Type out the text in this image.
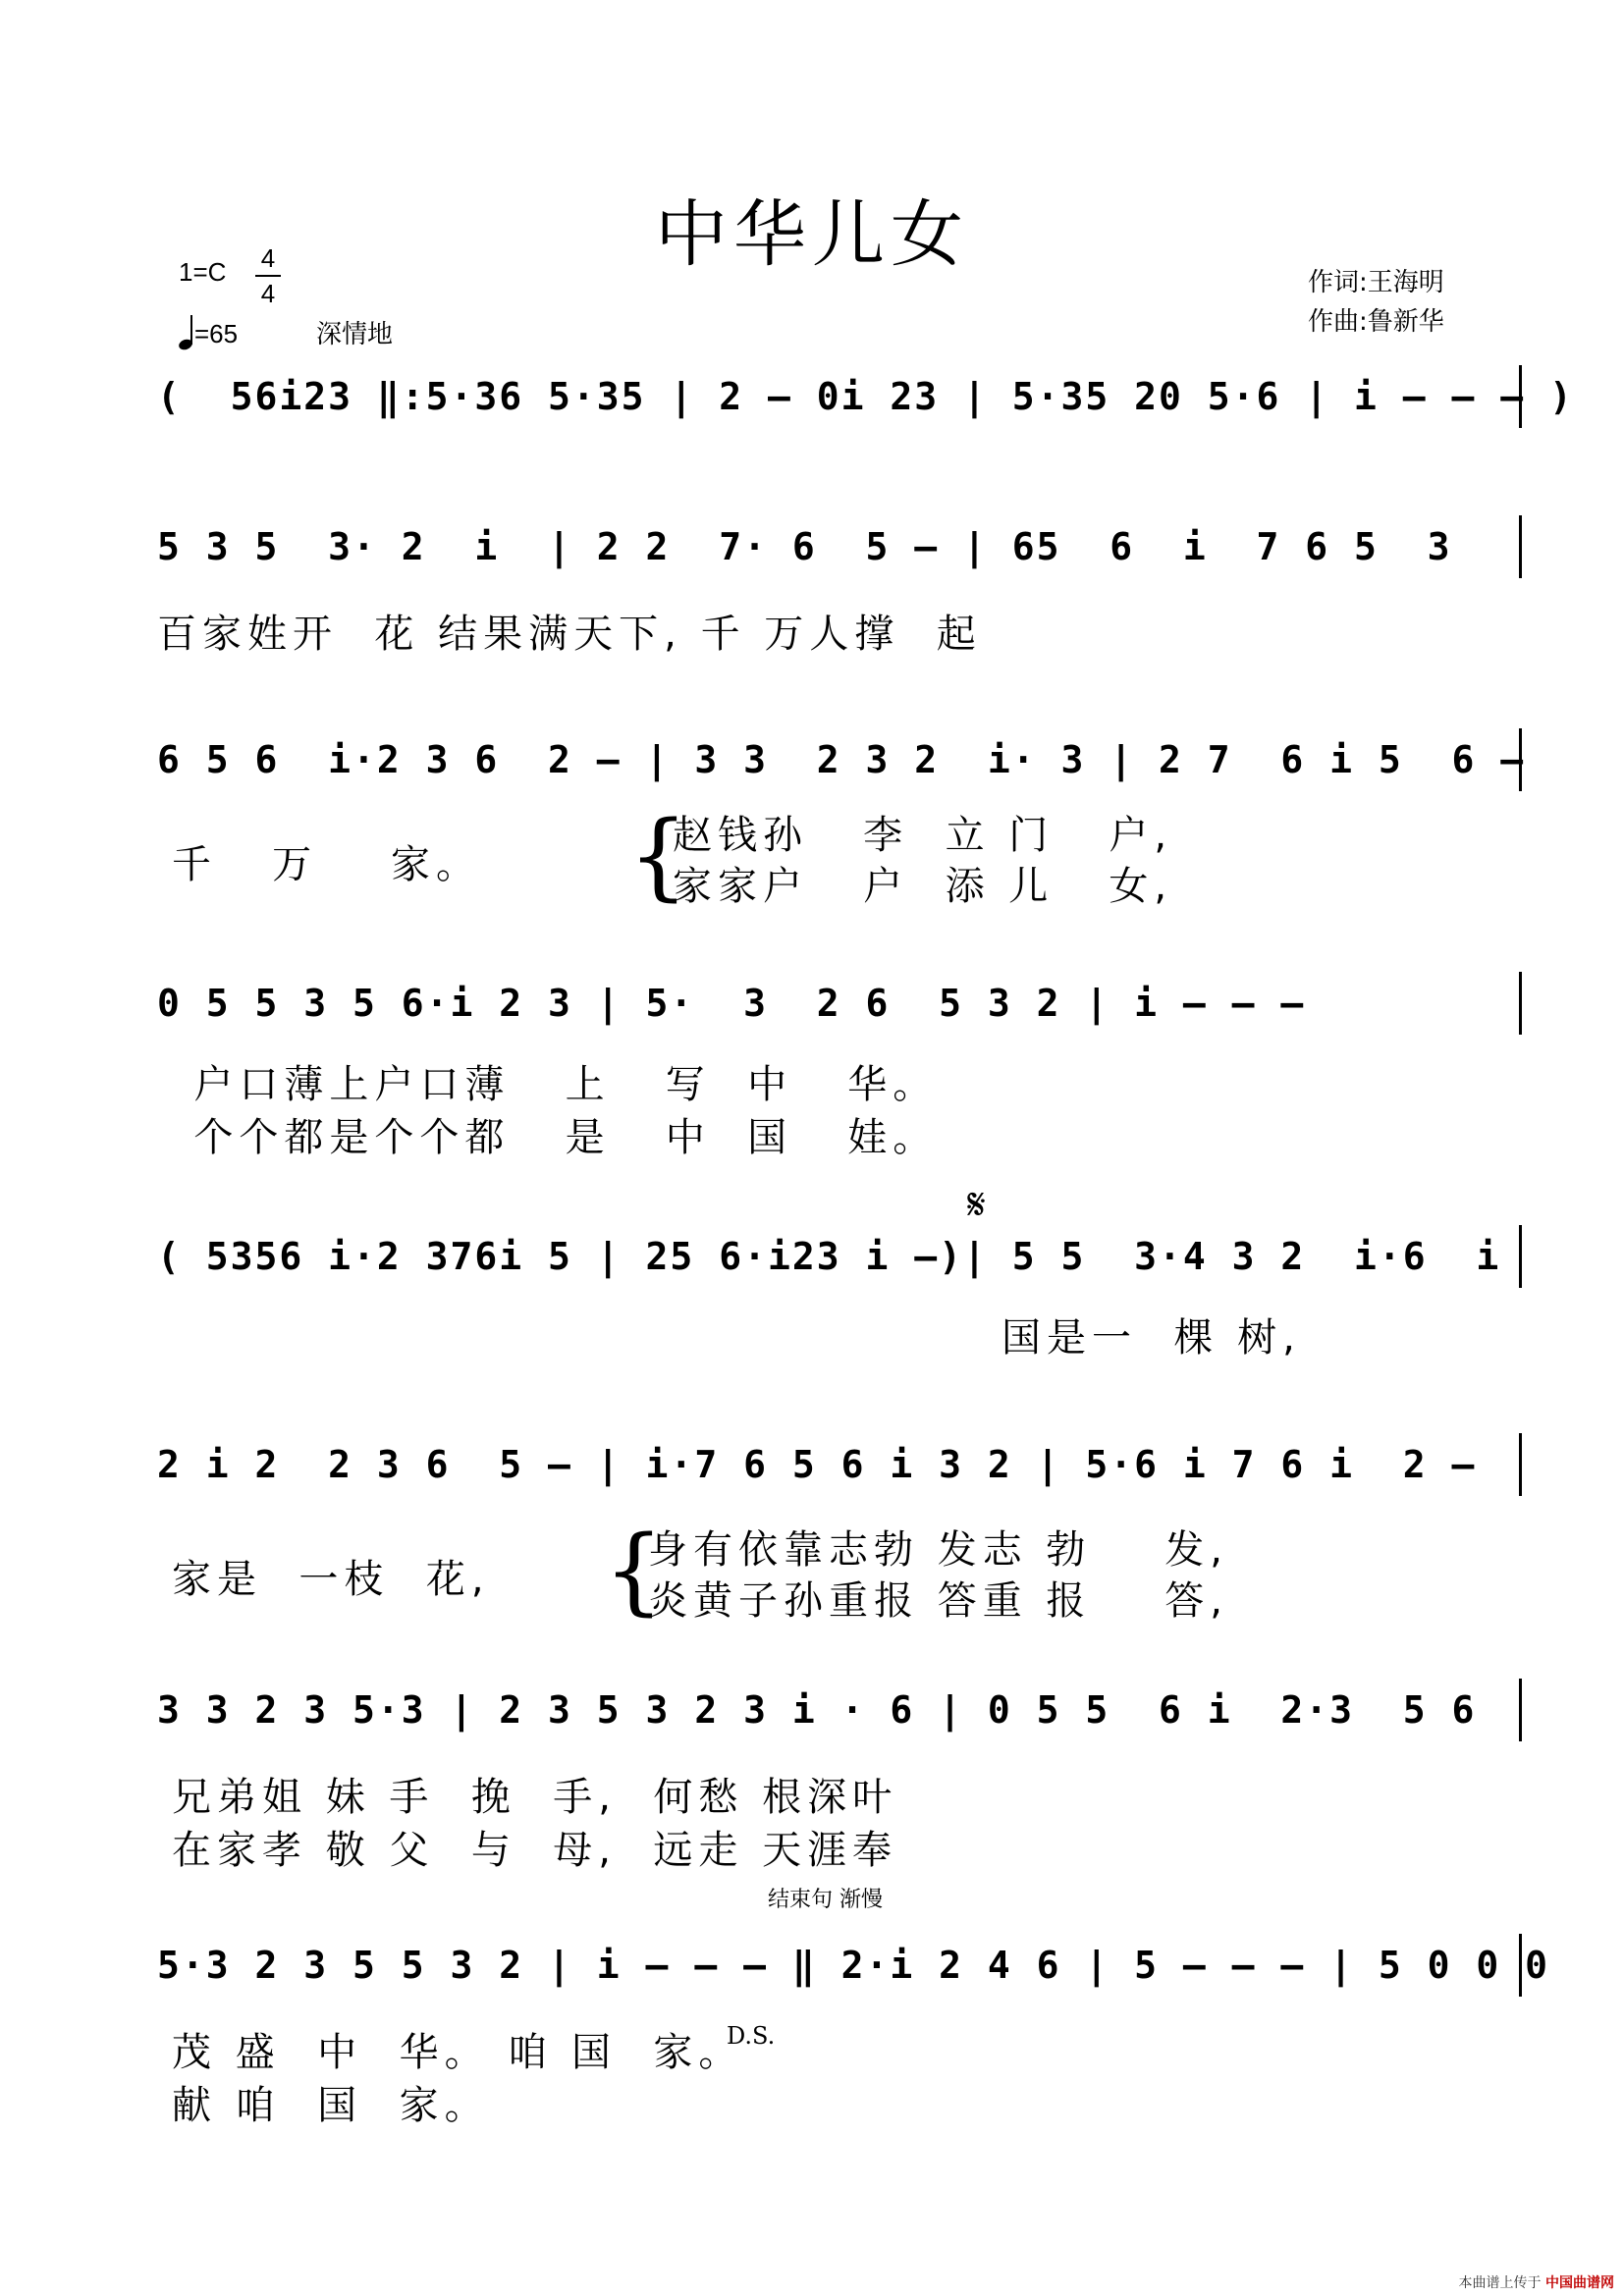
中华儿女
$1=C \frac{4}{4}$
=65	深情地
作词:王海明
作曲:鲁新华
(  56i23 ‖:5·36 5·35 | 2 – 0i 23 | 5·35 20 5·6 | i – – – )
5 3 5  3· 2  i  | 2 2  7· 6  5 – | 65  6  i  7 6 5  3
百家姓开  花 结果满天下, 千 万人撑  起
6 5 6  i·2 3 6  2 – | 3 3  2 3 2  i· 3 | 2 7  6 i 5  6 –
千   万    家。 {
赵钱孙   李  立 门   户,
家家户   户  添 儿   女,
0 5 5 3 5 6·i 2 3 | 5·  3  2 6  5 3 2 | i – – –
户口薄上户口薄   上   写  中   华。
个个都是个个都   是   中  国   娃。
𝄋
( 5356 i·2 376i 5 | 25 6·i23 i –)| 5 5  3·4 3 2  i·6  i
国是一  棵 树,
2 i 2  2 3 6  5 – | i·7 6 5 6 i 3 2 | 5·6 i 7 6 i  2 –
家是  一枝  花, {
身有依靠志勃 发志 勃    发,
炎黄子孙重报 答重 报    答,
3 3 2 3 5·3 | 2 3 5 3 2 3 i · 6 | 0 5 5  6 i  2·3  5 6
兄弟姐 妹 手  挽  手,  何愁 根深叶
在家孝 敬 父  与  母,  远走 天涯奉
结束句 渐慢
5·3 2 3 5 5 3 2 | i – – – ‖ 2·i 2 4 6 | 5 – – – | 5 0 0 0
茂 盛  中  华。 咱 国  家。
献 咱  国  家。
D.S.
本曲谱上传于 中国曲谱网
